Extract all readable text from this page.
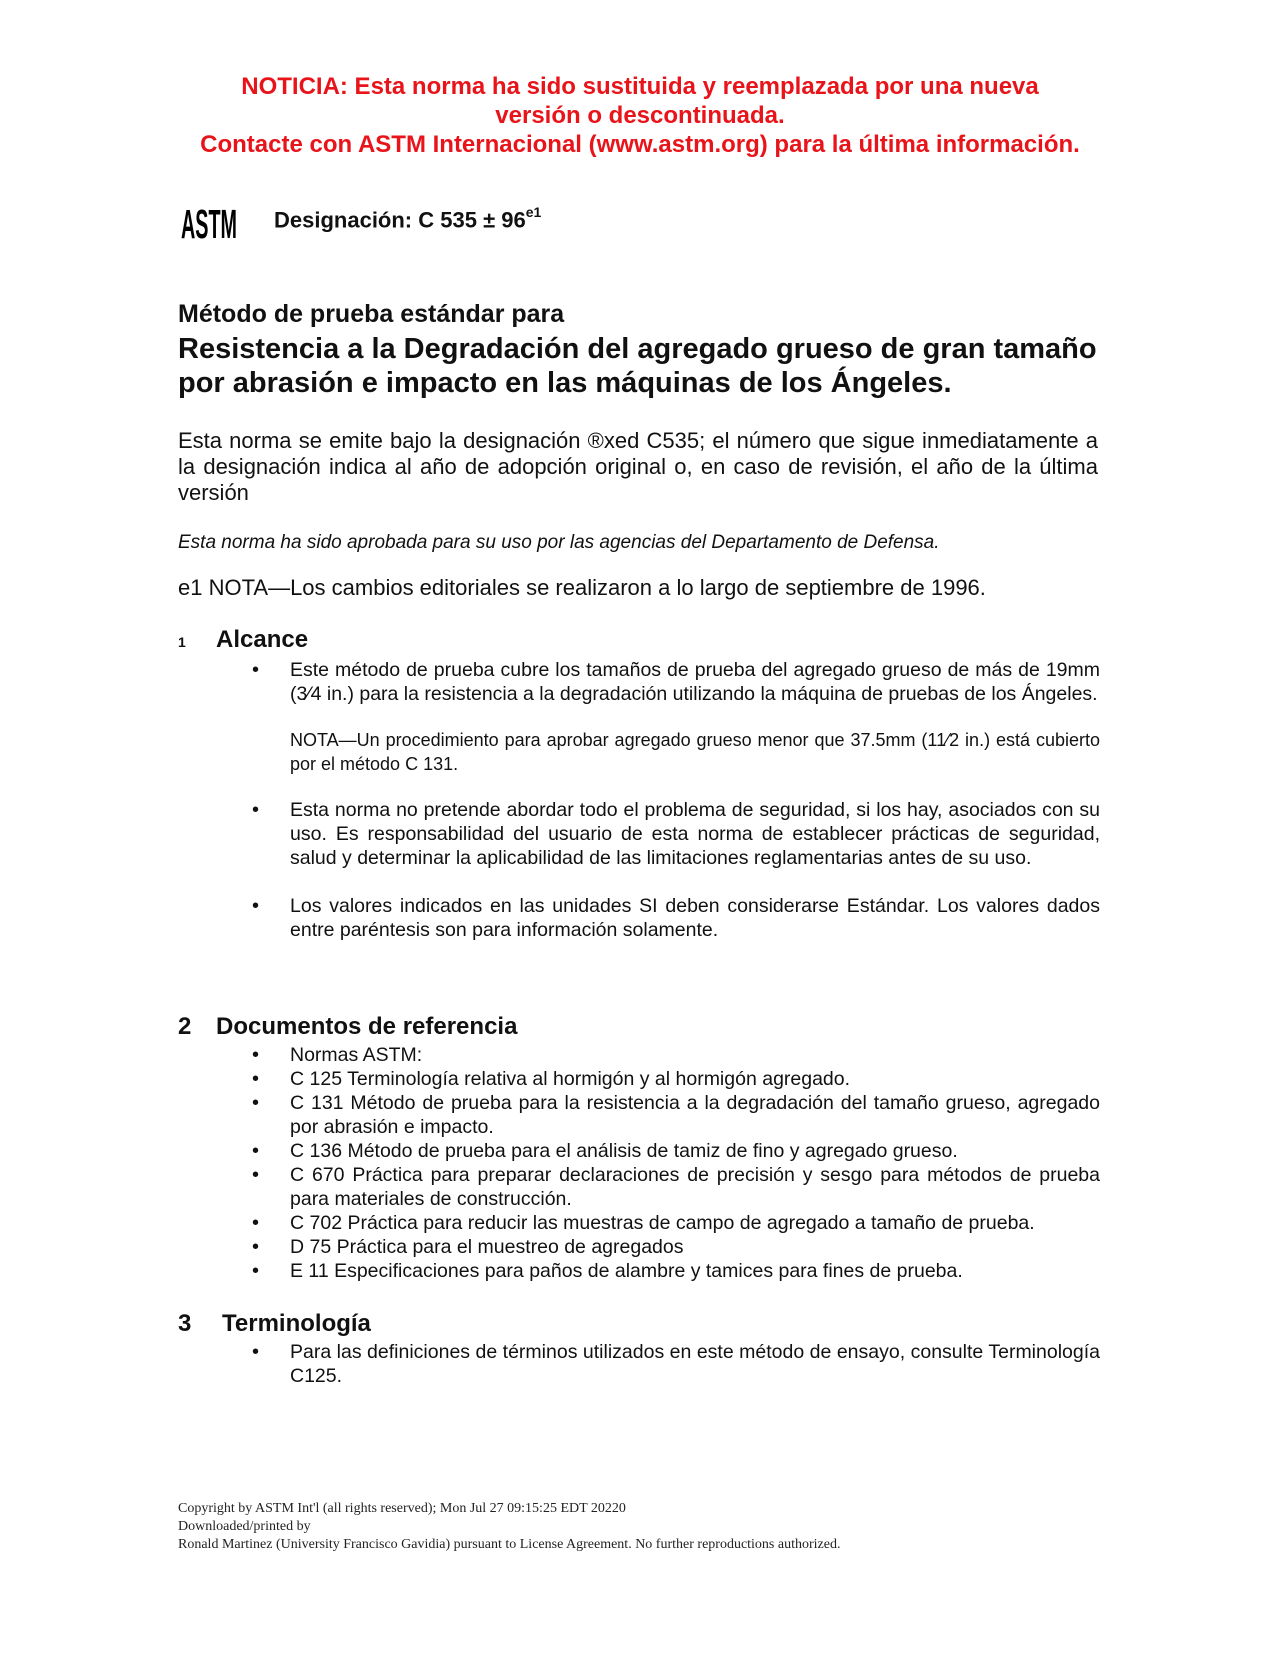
NOTICIA: Esta norma ha sido sustituida y reemplazada por una nueva
versión o descontinuada.
Contacte con ASTM Internacional (www.astm.org) para la última información.
ASTM Designación: C $535 \pm 96^{e1}$
Método de prueba estándar para
Resistencia a la Degradación del agregado grueso de gran tamaño por abrasión e impacto en las máquinas de los Ángeles.
Esta norma se emite bajo la designación ®xed C535; el número que sigue inmediatamente a la designación indica al año de adopción original o, en caso de revisión, el año de la última versión
Esta norma ha sido aprobada para su uso por las agencias del Departamento de Defensa.
e1 NOTA—Los cambios editoriales se realizaron a lo largo de septiembre de 1996.
1 Alcance
• Este método de prueba cubre los tamaños de prueba del agregado grueso de más de 19mm (3⁄4 in.) para la resistencia a la degradación utilizando la máquina de pruebas de los Ángeles.
NOTA—Un procedimiento para aprobar agregado grueso menor que 37.5mm (11⁄2 in.) está cubierto por el método C 131.
• Esta norma no pretende abordar todo el problema de seguridad, si los hay, asociados con su uso. Es responsabilidad del usuario de esta norma de establecer prácticas de seguridad, salud y determinar la aplicabilidad de las limitaciones reglamentarias antes de su uso.
• Los valores indicados en las unidades SI deben considerarse Estándar. Los valores dados entre paréntesis son para información solamente.
2 Documentos de referencia
• Normas ASTM:
• C 125 Terminología relativa al hormigón y al hormigón agregado.
• C 131 Método de prueba para la resistencia a la degradación del tamaño grueso, agregado por abrasión e impacto.
• C 136 Método de prueba para el análisis de tamiz de fino y agregado grueso.
• C 670 Práctica para preparar declaraciones de precisión y sesgo para métodos de prueba para materiales de construcción.
• C 702 Práctica para reducir las muestras de campo de agregado a tamaño de prueba.
• D 75 Práctica para el muestreo de agregados
• E 11 Especificaciones para paños de alambre y tamices para fines de prueba.
3 Terminología
• Para las definiciones de términos utilizados en este método de ensayo, consulte Terminología C125.
Copyright by ASTM Int'l (all rights reserved); Mon Jul 27 09:15:25 EDT 20220
Downloaded/printed by
Ronald Martinez (University Francisco Gavidia) pursuant to License Agreement. No further reproductions authorized.
